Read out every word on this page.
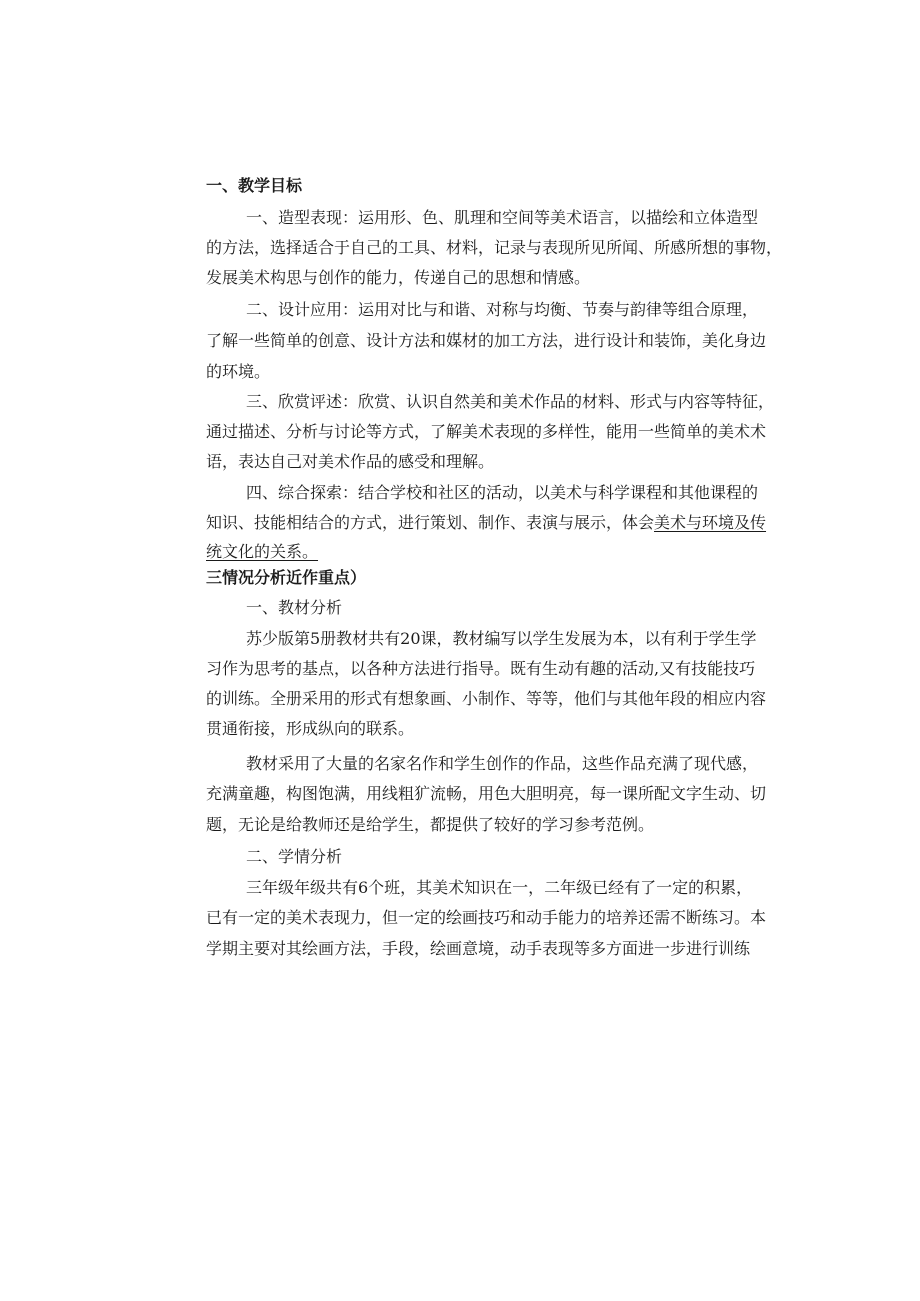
一、教学目标
一、造型表现：运用形、色、肌理和空间等美术语言，以描绘和立体造型
的方法，选择适合于自己的工具、材料，记录与表现所见所闻、所感所想的事物，
发展美术构思与创作的能力，传递自己的思想和情感。
二、设计应用：运用对比与和谐、对称与均衡、节奏与韵律等组合原理，
了解一些简单的创意、设计方法和媒材的加工方法，进行设计和装饰，美化身边
的环境。
三、欣赏评述：欣赏、认识自然美和美术作品的材料、形式与内容等特征，
通过描述、分析与讨论等方式，了解美术表现的多样性，能用一些简单的美术术
语，表达自己对美术作品的感受和理解。
四、综合探索：结合学校和社区的活动，以美术与科学课程和其他课程的
知识、技能相结合的方式，进行策划、制作、表演与展示，体会美术与环境及传
统文化的关系。
三情况分析近作重点）
一、教材分析
苏少版第5册教材共有20课，教材编写以学生发展为本，以有利于学生学
习作为思考的基点，以各种方法进行指导。既有生动有趣的活动,又有技能技巧
的训练。全册采用的形式有想象画、小制作、等等，他们与其他年段的相应内容
贯通衔接，形成纵向的联系。
教材采用了大量的名家名作和学生创作的作品，这些作品充满了现代感，
充满童趣，构图饱满，用线粗犷流畅，用色大胆明亮，每一课所配文字生动、切
题，无论是给教师还是给学生，都提供了较好的学习参考范例。
二、学情分析
三年级年级共有6个班，其美术知识在一，二年级已经有了一定的积累，
已有一定的美术表现力，但一定的绘画技巧和动手能力的培养还需不断练习。本
学期主要对其绘画方法，手段，绘画意境，动手表现等多方面进一步进行训练
